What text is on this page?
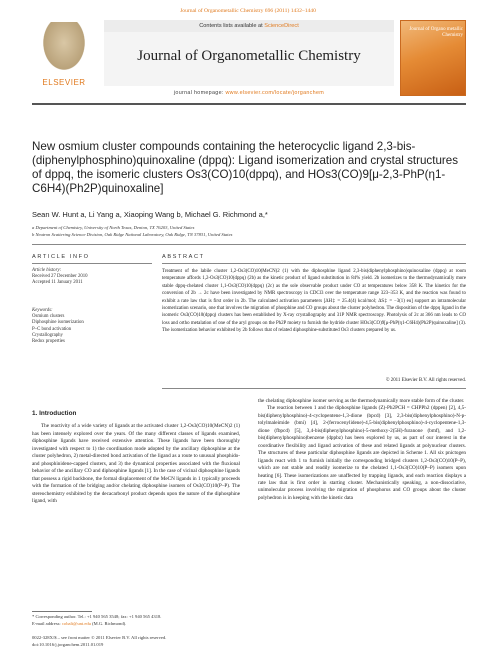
Journal of Organometallic Chemistry 696 (2011) 1432–1440
ELSEVIER
Contents lists available at ScienceDirect
Journal of Organometallic Chemistry
journal homepage: www.elsevier.com/locate/jorganchem
Journal of Organo metallic Chemistry
New osmium cluster compounds containing the heterocyclic ligand 2,3-bis-(diphenylphosphino)quinoxaline (dppq): Ligand isomerization and crystal structures of dppq, the isomeric clusters Os3(CO)10(dppq), and HOs3(CO)9[μ-2,3-PhP(η1-C6H4)(Ph2P)quinoxaline]
Sean W. Hunt a, Li Yang a, Xiaoping Wang b, Michael G. Richmond a,*
a Department of Chemistry, University of North Texas, Denton, TX 76203, United States
b Neutron Scattering Science Division, Oak Ridge National Laboratory, Oak Ridge, TN 37831, United States
ARTICLE INFO	ABSTRACT
Article history:
Received 27 December 2010
Accepted 11 January 2011
Keywords:
Osmium clusters
Diphosphine isomerization
P–C bond activation
Crystallography
Redox properties
Treatment of the labile cluster 1,2-Os3(CO)10(MeCN)2 (1) with the diphosphine ligand 2,3-bis(diphenylphosphino)quinoxaline (dppq) at room temperature affords 1,2-Os3(CO)10(dppq) (2b) as the kinetic product of ligand substitution in 84% yield. 2b isomerizes to the thermodynamically more stable dppq-chelated cluster 1,1-Os3(CO)10(dppq) (2c) as the sole observable product under CO at temperatures below 358 K. The kinetics for the conversion of 2b → 2c have been investigated by NMR spectroscopy in CDCl3 over the temperature range 323–353 K, and the reaction was found to exhibit a rate law that is first order in 2b. The calculated activation parameters [ΔH‡ = 25.4(4) kcal/mol; ΔS‡ = −3(1) eu] support an intramolecular isomerization scenario, one that involves the migration of phosphine and CO groups about the cluster polyhedron. The disposition of the dppq ligand in the isomeric Os3(CO)10(dppq) clusters has been established by X-ray crystallography and 31P NMR spectroscopy. Photolysis of 2c at 366 nm leads to CO loss and ortho metalation of one of the aryl groups on the Ph2P moiety to furnish the hydride cluster HOs3(CO)9[μ-PhP(η1-C6H4)(Ph2P)quinoxaline] (3). The isomerization behavior exhibited by 2b follows that of related diphosphine-substituted Os3 clusters prepared by us.
© 2011 Elsevier B.V. All rights reserved.
1. Introduction
The reactivity of a wide variety of ligands at the activated cluster 1,2-Os3(CO)10(MeCN)2 (1) has been intensely explored over the years. Of the many different classes of ligands examined, diphosphine ligands have received extensive attention. These ligands have been thoroughly investigated with respect to 1) the coordination mode adopted by the ancillary diphosphine at the cluster polyhedron, 2) metal-directed bond activation of the ligand as a route to unusual phosphido- and phosphinidene-capped clusters, and 3) the dynamical properties associated with the fluxional behavior of the ancillary CO and diphosphine ligands [1]. In the case of vicinal diphosphine ligands that possess a rigid backbone, the formal displacement of the MeCN ligands in 1 typically proceeds with the formation of the bridging and/or chelating diphosphine isomers of Os3(CO)10(P–P). The stereochemistry exhibited by the decacarbonyl product depends upon the nature of the diphosphine ligand, with
the chelating diphosphine isomer serving as the thermodynamically more stable form of the cluster.
The reaction between 1 and the diphosphine ligands (Z)-Ph2PCH = CHPPh2 (dppen) [2], 4,5-bis(diphenylphosphino)-4-cyclopentene-1,3-dione (bpcd) [3], 2,3-bis(diphenylphosphino)-N-p-tolylmaleimide (bmi) [4], 2-(ferrocenylidene)-4,5-bis(diphenylphosphino)-4-cyclopentene-1,3-dione (fbpcd) [5], 3,4-bis(diphenylphosphino)-5-methoxy-2(5H)-furanone (bmf), and 1,2-bis(diphenylphosphino)benzene (dppbz) has been explored by us, as part of our interest in the coordinative flexibility and ligand activation of these and related ligands at polynuclear clusters. The structures of these particular diphosphine ligands are depicted in Scheme 1. All six pnictogen ligands react with 1 to furnish initially the corresponding bridged clusters 1,2-Os3(CO)10(P–P), which are not stable and readily isomerize to the chelated 1,1-Os3(CO)10(P–P) isomers upon heating [6]. These isomerizations are unaffected by trapping ligands, and each reaction displays a rate law that is first order in starting cluster. Mechanistically speaking, a non-dissociative, unimolecular process involving the migration of phosphorus and CO groups about the cluster polyhedron is in keeping with the kinetic data
* Corresponding author. Tel.: +1 940 565 3548; fax: +1 940 565 4318.
E-mail address: cobalt@unt.edu (M.G. Richmond).
0022-328X/$ – see front matter © 2011 Elsevier B.V. All rights reserved.
doi:10.1016/j.jorganchem.2011.01.019
